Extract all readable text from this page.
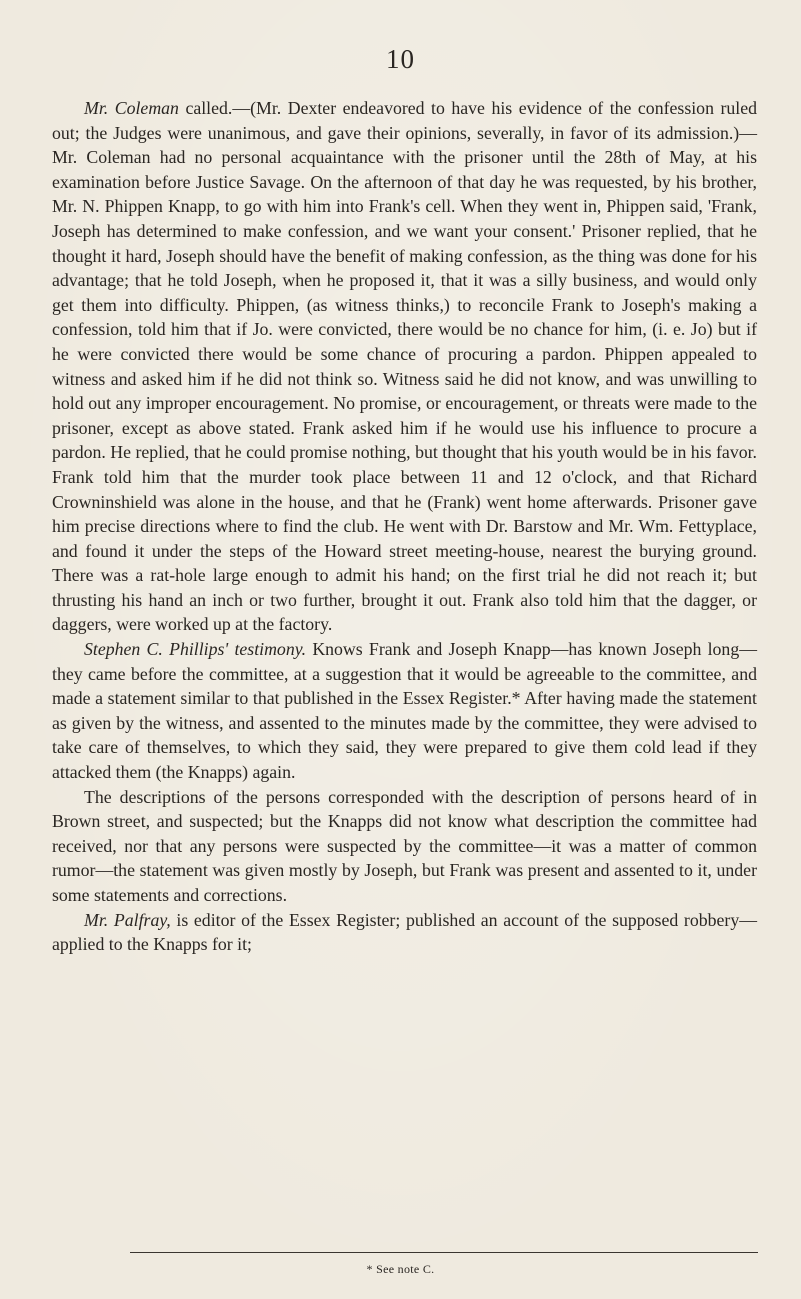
10

Mr. Coleman called.—(Mr. Dexter endeavored to have his evidence of the confession ruled out; the Judges were unanimous, and gave their opinions, severally, in favor of its admission.)—Mr. Coleman had no personal acquaintance with the prisoner until the 28th of May, at his examination before Justice Savage. On the afternoon of that day he was requested, by his brother, Mr. N. Phippen Knapp, to go with him into Frank's cell. When they went in, Phippen said, 'Frank, Joseph has determined to make confession, and we want your consent.' Prisoner replied, that he thought it hard, Joseph should have the benefit of making confession, as the thing was done for his advantage; that he told Joseph, when he proposed it, that it was a silly business, and would only get them into difficulty. Phippen, (as witness thinks,) to reconcile Frank to Joseph's making a confession, told him that if Jo. were convicted, there would be no chance for him, (i. e. Jo) but if he were convicted there would be some chance of procuring a pardon. Phippen appealed to witness and asked him if he did not think so. Witness said he did not know, and was unwilling to hold out any improper encouragement. No promise, or encouragement, or threats were made to the prisoner, except as above stated. Frank asked him if he would use his influence to procure a pardon. He replied, that he could promise nothing, but thought that his youth would be in his favor. Frank told him that the murder took place between 11 and 12 o'clock, and that Richard Crowninshield was alone in the house, and that he (Frank) went home afterwards. Prisoner gave him precise directions where to find the club. He went with Dr. Barstow and Mr. Wm. Fettyplace, and found it under the steps of the Howard street meeting-house, nearest the burying ground. There was a rat-hole large enough to admit his hand; on the first trial he did not reach it; but thrusting his hand an inch or two further, brought it out. Frank also told him that the dagger, or daggers, were worked up at the factory.

Stephen C. Phillips' testimony. Knows Frank and Joseph Knapp—has known Joseph long—they came before the committee, at a suggestion that it would be agreeable to the committee, and made a statement similar to that published in the Essex Register.* After having made the statement as given by the witness, and assented to the minutes made by the committee, they were advised to take care of themselves, to which they said, they were prepared to give them cold lead if they attacked them (the Knapps) again.

The descriptions of the persons corresponded with the description of persons heard of in Brown street, and suspected; but the Knapps did not know what description the committee had received, nor that any persons were suspected by the committee—it was a matter of common rumor—the statement was given mostly by Joseph, but Frank was present and assented to it, under some statements and corrections.

Mr. Palfray, is editor of the Essex Register; published an account of the supposed robbery—applied to the Knapps for it;

* See note C.
